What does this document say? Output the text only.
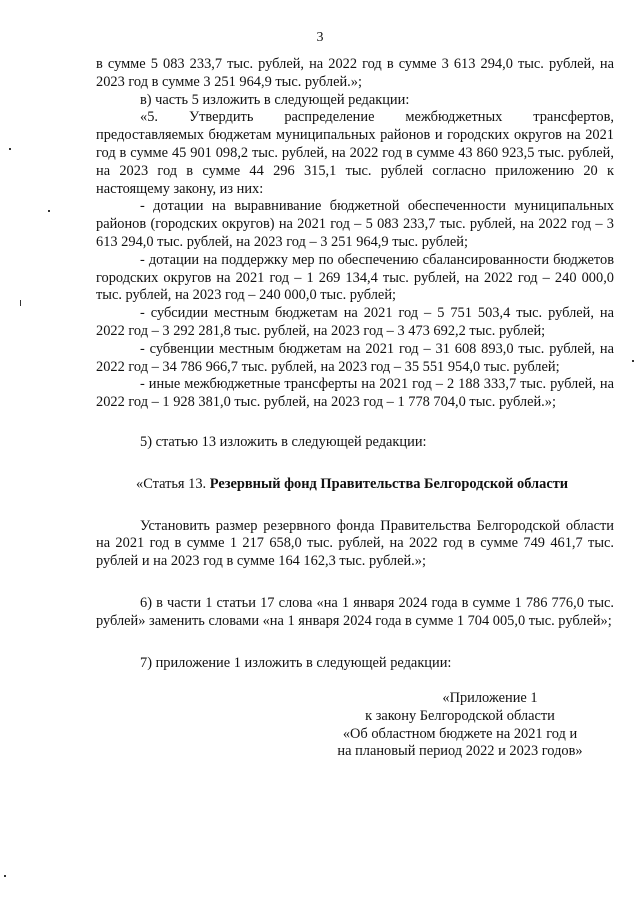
3

в сумме 5 083 233,7 тыс. рублей, на 2022 год в сумме 3 613 294,0 тыс. рублей, на 2023 год в сумме 3 251 964,9 тыс. рублей.»;

в) часть 5 изложить в следующей редакции:

«5. Утвердить распределение межбюджетных трансфертов, предоставляемых бюджетам муниципальных районов и городских округов на 2021 год в сумме 45 901 098,2 тыс. рублей, на 2022 год в сумме 43 860 923,5 тыс. рублей, на 2023 год в сумме 44 296 315,1 тыс. рублей согласно приложению 20 к настоящему закону, из них:

- дотации на выравнивание бюджетной обеспеченности муниципальных районов (городских округов) на 2021 год – 5 083 233,7 тыс. рублей, на 2022 год – 3 613 294,0 тыс. рублей, на 2023 год – 3 251 964,9 тыс. рублей;

- дотации на поддержку мер по обеспечению сбалансированности бюджетов городских округов на 2021 год – 1 269 134,4 тыс. рублей, на 2022 год – 240 000,0 тыс. рублей, на 2023 год – 240 000,0 тыс. рублей;

- субсидии местным бюджетам на 2021 год – 5 751 503,4 тыс. рублей, на 2022 год – 3 292 281,8 тыс. рублей, на 2023 год – 3 473 692,2 тыс. рублей;

- субвенции местным бюджетам на 2021 год – 31 608 893,0 тыс. рублей, на 2022 год – 34 786 966,7 тыс. рублей, на 2023 год – 35 551 954,0 тыс. рублей;

- иные межбюджетные трансферты на 2021 год – 2 188 333,7 тыс. рублей, на 2022 год – 1 928 381,0 тыс. рублей, на 2023 год – 1 778 704,0 тыс. рублей.»;

5) статью 13 изложить в следующей редакции:

«Статья 13. Резервный фонд Правительства Белгородской области

Установить размер резервного фонда Правительства Белгородской области на 2021 год в сумме 1 217 658,0 тыс. рублей, на 2022 год в сумме 749 461,7 тыс. рублей и на 2023 год в сумме 164 162,3 тыс. рублей.»;

6) в части 1 статьи 17 слова «на 1 января 2024 года в сумме 1 786 776,0 тыс. рублей» заменить словами «на 1 января 2024 года в сумме 1 704 005,0 тыс. рублей»;

7) приложение 1 изложить в следующей редакции:

«Приложение 1
к закону Белгородской области
«Об областном бюджете на 2021 год и
на плановый период 2022 и 2023 годов»
